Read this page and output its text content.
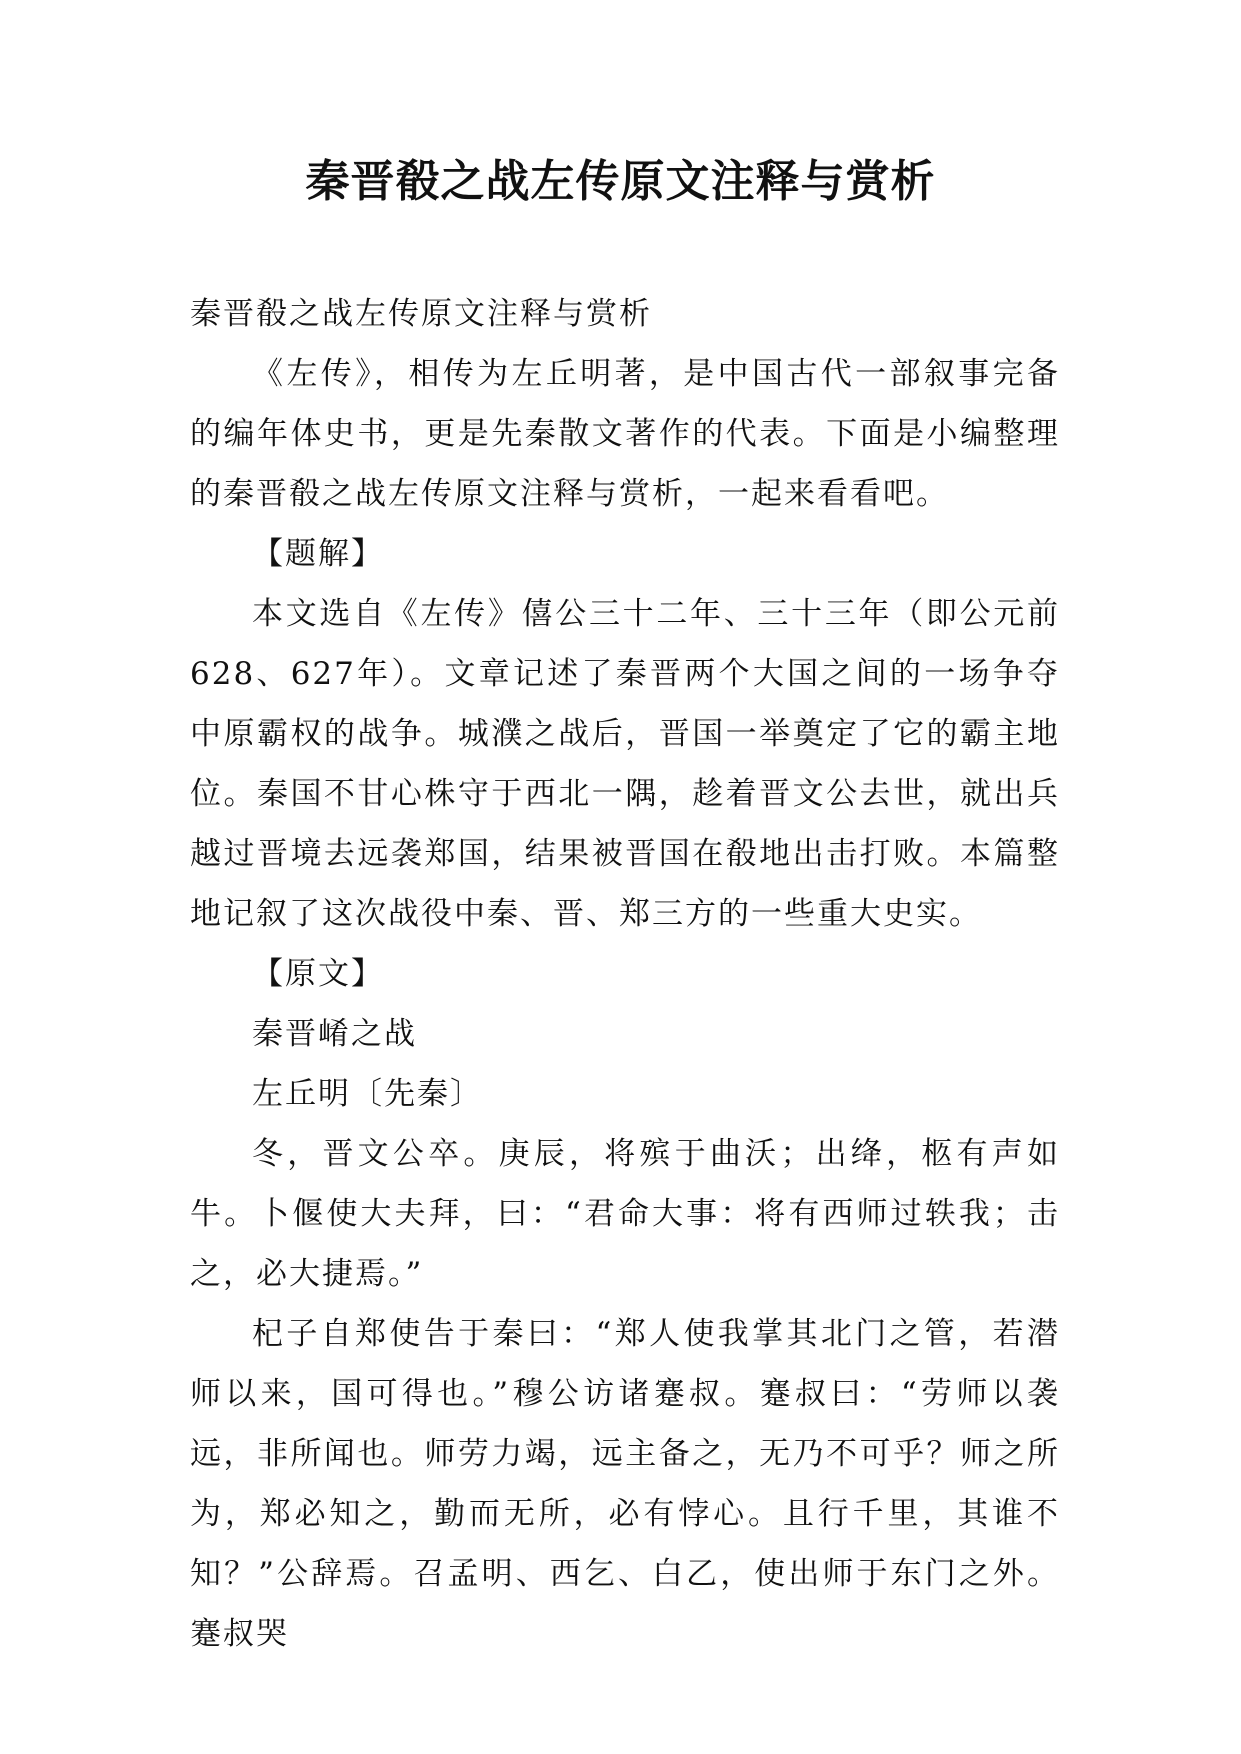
秦晋殽之战左传原文注释与赏析

秦晋殽之战左传原文注释与赏析

《左传》，相传为左丘明著，是中国古代一部叙事完备的编年体史书，更是先秦散文著作的代表。下面是小编整理的秦晋殽之战左传原文注释与赏析，一起来看看吧。

【题解】

本文选自《左传》僖公三十二年、三十三年（即公元前628、627年）。文章记述了秦晋两个大国之间的一场争夺中原霸权的战争。城濮之战后，晋国一举奠定了它的霸主地位。秦国不甘心株守于西北一隅，趁着晋文公去世，就出兵越过晋境去远袭郑国，结果被晋国在殽地出击打败。本篇整地记叙了这次战役中秦、晋、郑三方的一些重大史实。

【原文】

秦晋崤之战

左丘明〔先秦〕

冬，晋文公卒。庚辰，将殡于曲沃；出绛，柩有声如牛。卜偃使大夫拜，曰：“君命大事：将有西师过轶我；击之，必大捷焉。”

杞子自郑使告于秦曰：“郑人使我掌其北门之管，若潜师以来，国可得也。”穆公访诸蹇叔。蹇叔曰：“劳师以袭远，非所闻也。师劳力竭，远主备之，无乃不可乎？师之所为，郑必知之，勤而无所，必有悖心。且行千里，其谁不知？”公辞焉。召孟明、西乞、白乙，使出师于东门之外。蹇叔哭
